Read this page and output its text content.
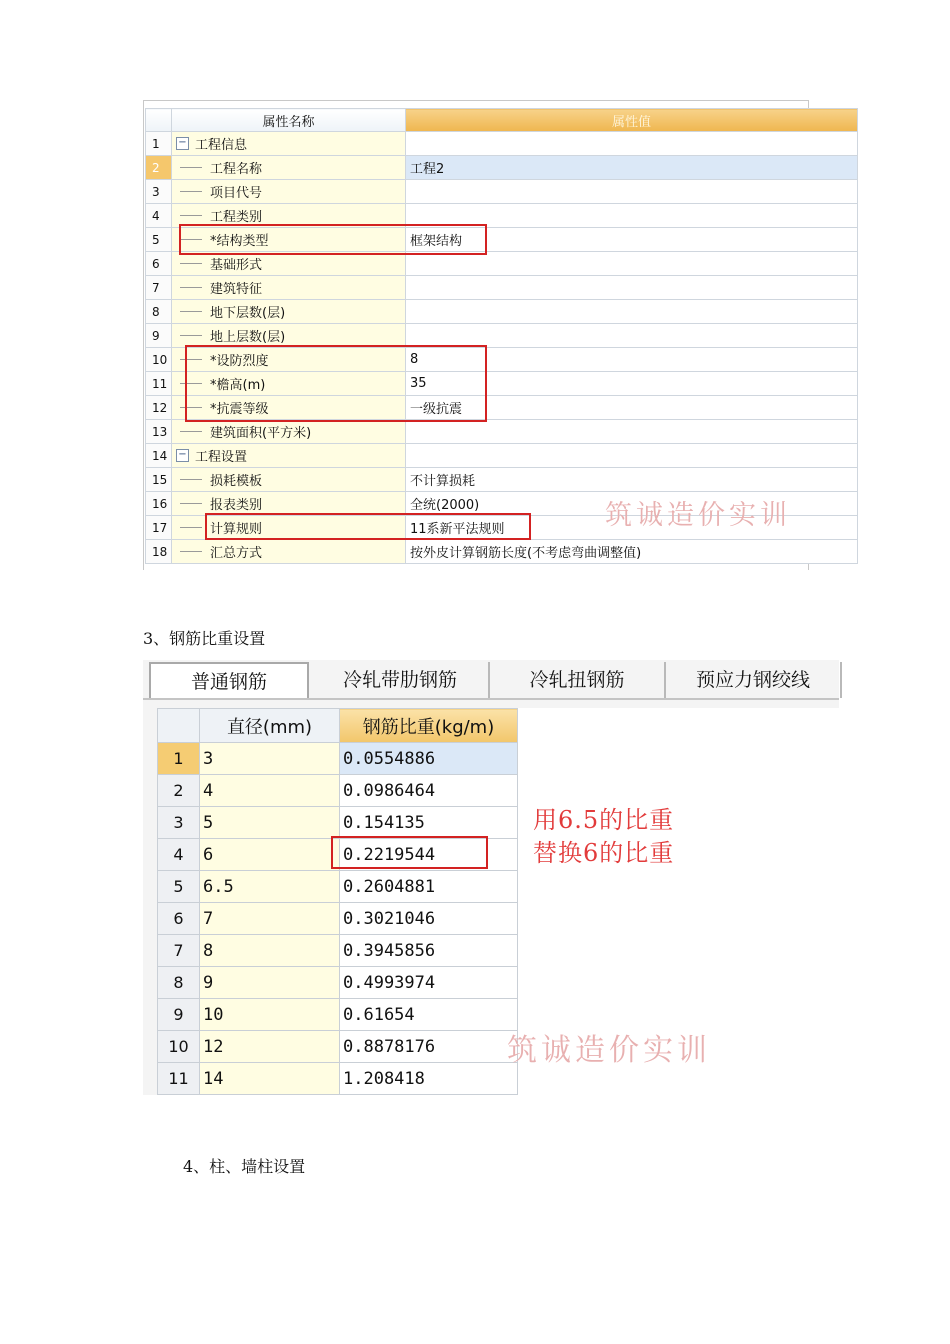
	属性名称	属性值
1	− 工程信息	
2	工程名称	工程2
3	项目代号	
4	工程类别	
5	*结构类型	框架结构
6	基础形式	
7	建筑特征	
8	地下层数(层)	
9	地上层数(层)	
10	*设防烈度	8
11	*檐高(m)	35
12	*抗震等级	一级抗震
13	建筑面积(平方米)	
14	− 工程设置	
15	损耗模板	不计算损耗
16	报表类别	全统(2000)
17	计算规则	11系新平法规则
18	汇总方式	按外皮计算钢筋长度(不考虑弯曲调整值)
筑诚造价实训
3、钢筋比重设置
普通钢筋	冷轧带肋钢筋	冷轧扭钢筋	预应力钢绞线
	直径(mm)	钢筋比重(kg/m)
1	3	0.0554886
2	4	0.0986464
3	5	0.154135
4	6	0.2219544
5	6.5	0.2604881
6	7	0.3021046
7	8	0.3945856
8	9	0.4993974
9	10	0.61654
10	12	0.8878176
11	14	1.208418
用6.5的比重
替换6的比重
筑诚造价实训
4、柱、墙柱设置
